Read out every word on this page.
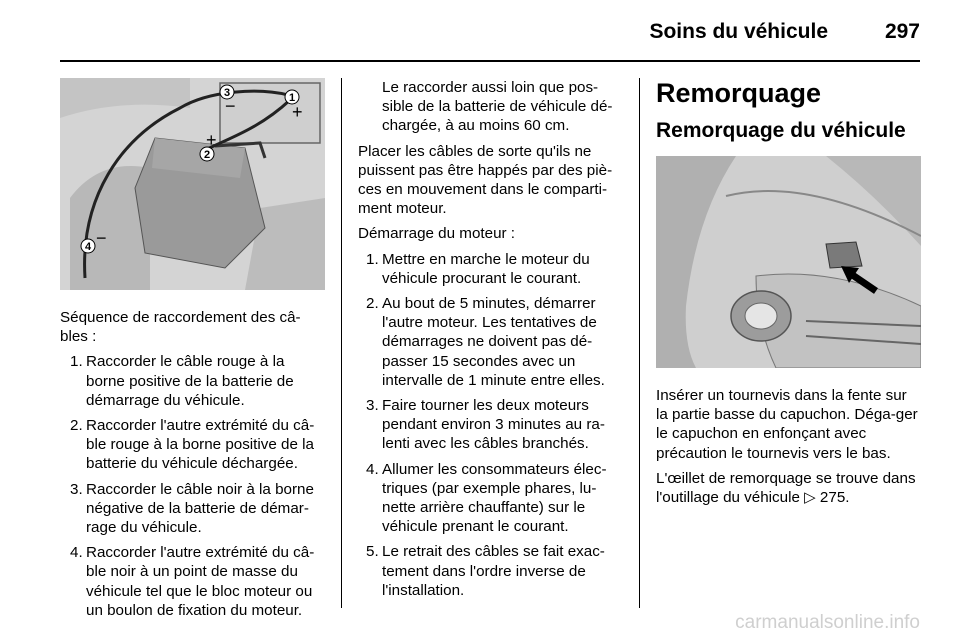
Soins du véhicule	297
1
2
3
4
+
+
−
−

Séquence de raccordement des câ-bles :

1. Raccorder le câble rouge à la borne positive de la batterie de démarrage du véhicule.
2. Raccorder l'autre extrémité du câ-ble rouge à la borne positive de la batterie du véhicule déchargée.
3. Raccorder le câble noir à la borne négative de la batterie de démar-rage du véhicule.
4. Raccorder l'autre extrémité du câ-ble noir à un point de masse du véhicule tel que le bloc moteur ou un boulon de fixation du moteur.
Le raccorder aussi loin que pos-sible de la batterie de véhicule dé-chargée, à au moins 60 cm.

Placer les câbles de sorte qu'ils ne puissent pas être happés par des piè-ces en mouvement dans le comparti-ment moteur.

Démarrage du moteur :

1. Mettre en marche le moteur du véhicule procurant le courant.
2. Au bout de 5 minutes, démarrer l'autre moteur. Les tentatives de démarrages ne doivent pas dé-passer 15 secondes avec un intervalle de 1 minute entre elles.
3. Faire tourner les deux moteurs pendant environ 3 minutes au ra-lenti avec les câbles branchés.
4. Allumer les consommateurs élec-triques (par exemple phares, lu-nette arrière chauffante) sur le véhicule prenant le courant.
5. Le retrait des câbles se fait exac-tement dans l'ordre inverse de l'installation.
Remorquage
Remorquage du véhicule

Insérer un tournevis dans la fente sur la partie basse du capuchon. Déga-ger le capuchon en enfonçant avec précaution le tournevis vers le bas.

L'œillet de remorquage se trouve dans l'outillage du véhicule ▷ 275.

carmanualsonline.info
